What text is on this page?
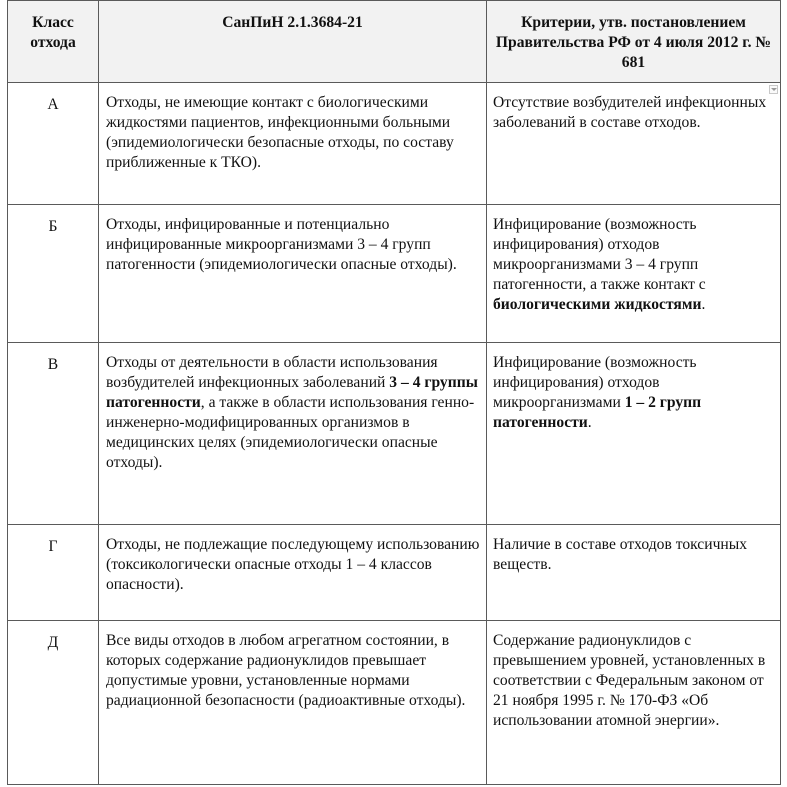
Класс отхода	СанПиН 2.1.3684-21	Критерии, утв. постановлением Правительства РФ от 4 июля 2012 г. № 681
А	Отходы, не имеющие контакт с биологическими жидкостями пациентов, инфекционными больными (эпидемиологически безопасные отходы, по составу приближенные к ТКО).	Отсутствие возбудителей инфекционных заболеваний в составе отходов.

Б	Отходы, инфицированные и потенциально инфицированные микроорганизмами 3 – 4 групп патогенности (эпидемиологически опасные отходы).	Инфицирование (возможность инфицирования) отходов микроорганизмами 3 – 4 групп патогенности, а также контакт с биологическими жидкостями.
В	Отходы от деятельности в области использования возбудителей инфекционных заболеваний 3 – 4 группы патогенности, а также в области использования генно-инженерно-модифицированных организмов в медицинских целях (эпидемиологически опасные отходы).	Инфицирование (возможность инфицирования) отходов микроорганизмами 1 – 2 групп патогенности.
Г	Отходы, не подлежащие последующему использованию (токсикологически опасные отходы 1 – 4 классов опасности).	Наличие в составе отходов токсичных веществ.
Д	Все виды отходов в любом агрегатном состоянии, в которых содержание радионуклидов превышает допустимые уровни, установленные нормами радиационной безопасности (радиоактивные отходы).	Содержание радионуклидов с превышением уровней, установленных в соответствии с Федеральным законом от 21 ноября 1995 г. № 170-ФЗ «Об использовании атомной энергии».
